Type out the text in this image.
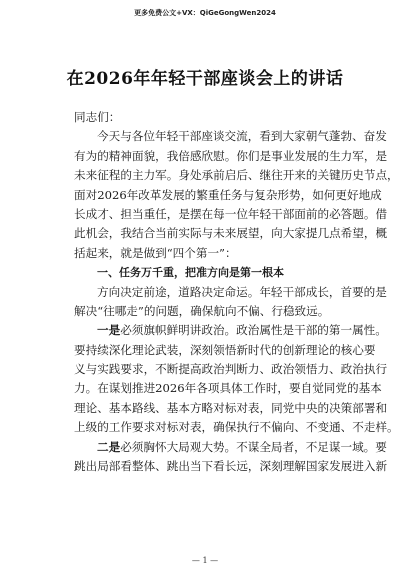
更多免费公文+VX：QiGeGongWen2024
在2026年年轻干部座谈会上的讲话
同志们：
今天与各位年轻干部座谈交流，看到大家朝气蓬勃、奋发
有为的精神面貌，我倍感欣慰。你们是事业发展的生力军，是
未来征程的主力军。身处承前启后、继往开来的关键历史节点，
面对2026年改革发展的繁重任务与复杂形势，如何更好地成
长成才、担当重任，是摆在每一位年轻干部面前的必答题。借
此机会，我结合当前实际与未来展望，向大家提几点希望，概
括起来，就是做到“四个第一”：
一、任务万千重，把准方向是第一根本
方向决定前途，道路决定命运。年轻干部成长，首要的是
解决“往哪走”的问题，确保航向不偏、行稳致远。
一是必须旗帜鲜明讲政治。政治属性是干部的第一属性。
要持续深化理论武装，深刻领悟新时代的创新理论的核心要
义与实践要求，不断提高政治判断力、政治领悟力、政治执行
力。在谋划推进2026年各项具体工作时，要自觉同党的基本
理论、基本路线、基本方略对标对表，同党中央的决策部署和
上级的工作要求对标对表，确保执行不偏向、不变通、不走样。
二是必须胸怀大局观大势。不谋全局者，不足谋一域。要
跳出局部看整体、跳出当下看长远，深刻理解国家发展进入新
— 1 —
